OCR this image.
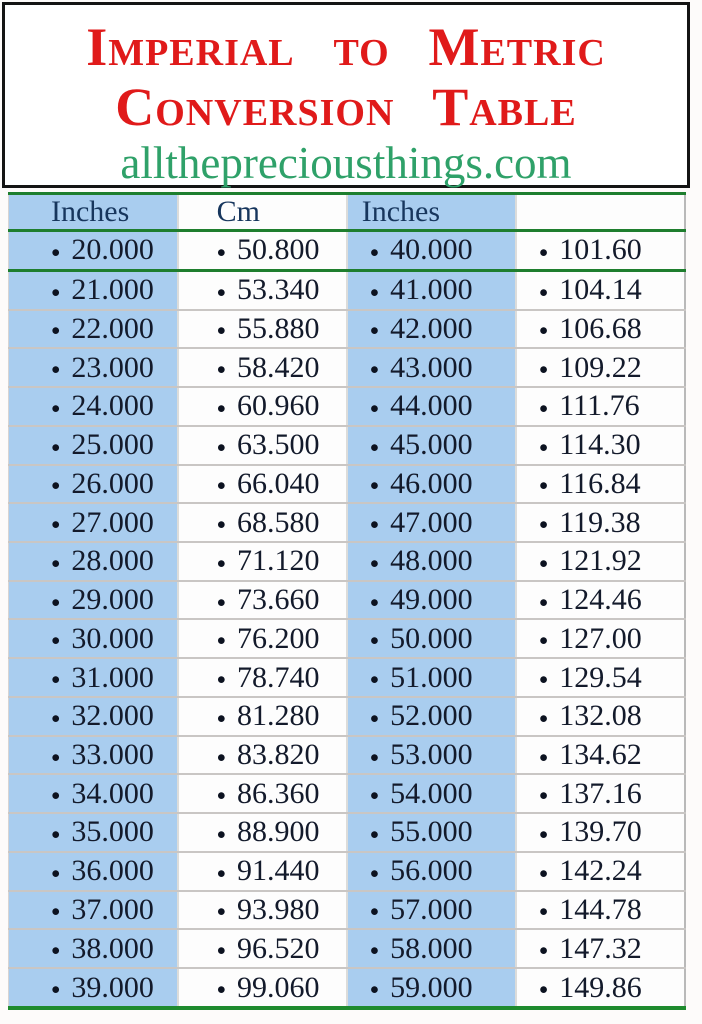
Imperial to Metric
Conversion Table
allthepreciousthings.com
Inches	Cm	Inches	
● 20.000	● 50.800	● 40.000	● 101.60
● 21.000	● 53.340	● 41.000	● 104.14
● 22.000	● 55.880	● 42.000	● 106.68
● 23.000	● 58.420	● 43.000	● 109.22
● 24.000	● 60.960	● 44.000	● 111.76
● 25.000	● 63.500	● 45.000	● 114.30
● 26.000	● 66.040	● 46.000	● 116.84
● 27.000	● 68.580	● 47.000	● 119.38
● 28.000	● 71.120	● 48.000	● 121.92
● 29.000	● 73.660	● 49.000	● 124.46
● 30.000	● 76.200	● 50.000	● 127.00
● 31.000	● 78.740	● 51.000	● 129.54
● 32.000	● 81.280	● 52.000	● 132.08
● 33.000	● 83.820	● 53.000	● 134.62
● 34.000	● 86.360	● 54.000	● 137.16
● 35.000	● 88.900	● 55.000	● 139.70
● 36.000	● 91.440	● 56.000	● 142.24
● 37.000	● 93.980	● 57.000	● 144.78
● 38.000	● 96.520	● 58.000	● 147.32
● 39.000	● 99.060	● 59.000	● 149.86
